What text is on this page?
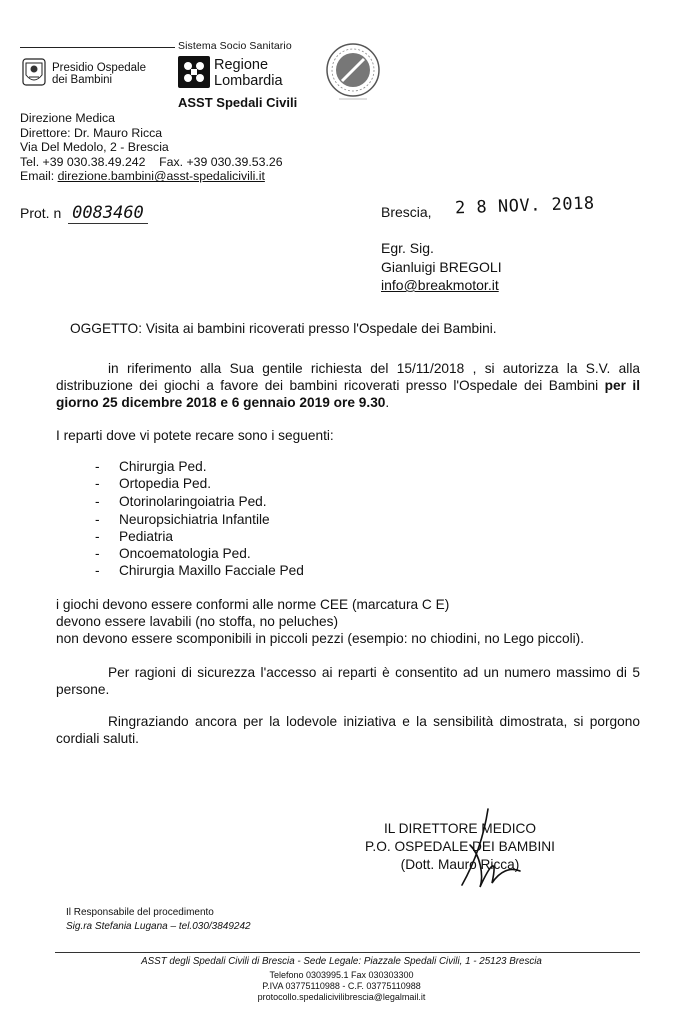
Sistema Socio Sanitario
Presidio Ospedale
dei Bambini
Regione
Lombardia
ASST Spedali Civili
Direzione Medica
Direttore: Dr. Mauro Ricca
Via Del Medolo, 2 - Brescia
Tel. +39 030.38.49.242    Fax. +39 030.39.53.26
Email: direzione.bambini@asst-spedalicivili.it
Prot. n 0083460	Brescia, 2 8 NOV. 2018
Egr. Sig.
Gianluigi BREGOLI
info@breakmotor.it
OGGETTO: Visita ai bambini ricoverati presso l'Ospedale dei Bambini.
in riferimento alla Sua gentile richiesta del 15/11/2018 , si autorizza la S.V. alla distribuzione dei giochi a favore dei bambini ricoverati presso l'Ospedale dei Bambini per il giorno 25 dicembre 2018 e 6 gennaio 2019 ore 9.30.
I reparti dove vi potete recare sono i seguenti:
- Chirurgia Ped.
- Ortopedia Ped.
- Otorinolaringoiatria Ped.
- Neuropsichiatria Infantile
- Pediatria
- Oncoematologia Ped.
- Chirurgia Maxillo Facciale Ped
i giochi devono essere conformi alle norme CEE (marcatura C E)
devono essere lavabili (no stoffa, no peluches)
non devono essere scomponibili in piccoli pezzi (esempio: no chiodini, no Lego piccoli).
Per ragioni di sicurezza l'accesso ai reparti è consentito ad un numero massimo di 5 persone.
Ringraziando ancora per la lodevole iniziativa e la sensibilità dimostrata, si porgono cordiali saluti.
IL DIRETTORE MEDICO
P.O. OSPEDALE DEI BAMBINI
(Dott. Mauro Ricca)
Il Responsabile del procedimento
Sig.ra Stefania Lugana – tel.030/3849242
ASST degli Spedali Civili di Brescia - Sede Legale: Piazzale Spedali Civili, 1 - 25123 Brescia
Telefono 0303995.1 Fax 030303300
P.IVA 03775110988 - C.F. 03775110988
protocollo.spedalicivilibrescia@legalmail.it
